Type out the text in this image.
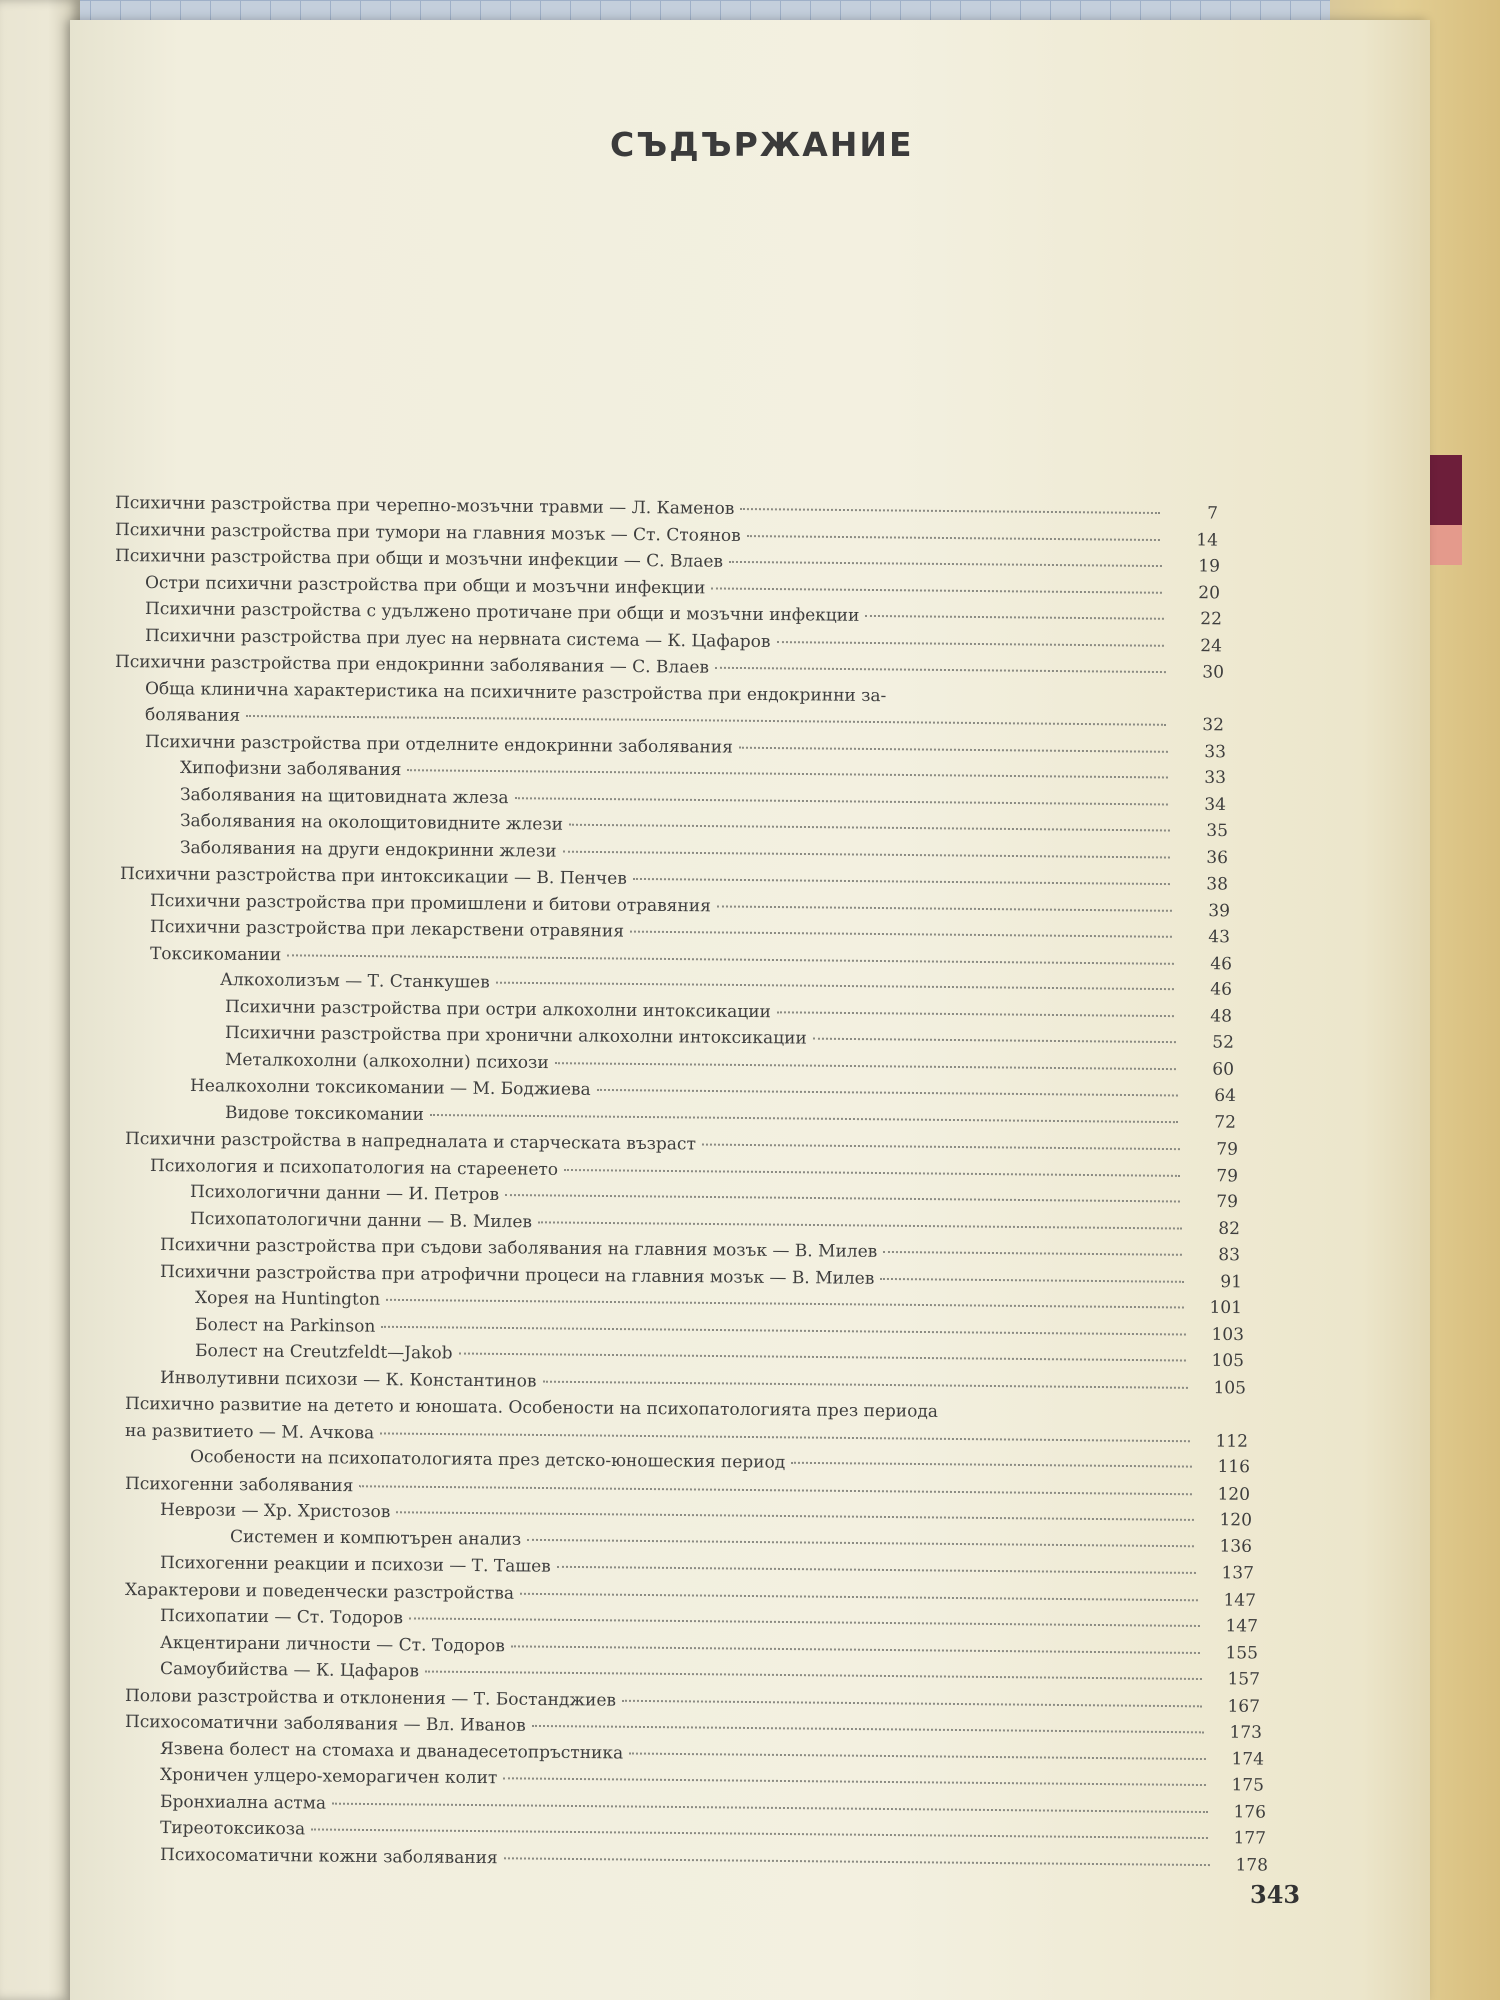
СЪДЪРЖАНИЕ
Психични разстройства при черепно-мозъчни травми — Л. Каменов	7
Психични разстройства при тумори на главния мозък — Ст. Стоянов	14
Психични разстройства при общи и мозъчни инфекции — С. Влаев	19
Остри психични разстройства при общи и мозъчни инфекции	20
Психични разстройства с удължено протичане при общи и мозъчни инфекции	22
Психични разстройства при луес на нервната система — К. Цафаров	24
Психични разстройства при ендокринни заболявания — С. Влаев	30
Обща клинична характеристика на психичните разстройства при ендокринни за-
болявания	32
Психични разстройства при отделните ендокринни заболявания	33
Хипофизни заболявания	33
Заболявания на щитовидната жлеза	34
Заболявания на околощитовидните жлези	35
Заболявания на други ендокринни жлези	36
Психични разстройства при интоксикации — В. Пенчев	38
Психични разстройства при промишлени и битови отравяния	39
Психични разстройства при лекарствени отравяния	43
Токсикомании	46
Алкохолизъм — Т. Станкушев	46
Психични разстройства при остри алкохолни интоксикации	48
Психични разстройства при хронични алкохолни интоксикации	52
Металкохолни (алкохолни) психози	60
Неалкохолни токсикомании — М. Боджиева	64
Видове токсикомании	72
Психични разстройства в напредналата и старческата възраст	79
Психология и психопатология на стареенето	79
Психологични данни — И. Петров	79
Психопатологични данни — В. Милев	82
Психични разстройства при съдови заболявания на главния мозък — В. Милев	83
Психични разстройства при атрофични процеси на главния мозък — В. Милев	91
Хорея на Huntington	101
Болест на Parkinson	103
Болест на Creutzfeldt—Jakob	105
Инволутивни психози — К. Константинов	105
Психично развитие на детето и юношата. Особености на психопатологията през периода
на развитието — М. Ачкова	112
Особености на психопатологията през детско-юношеския период	116
Психогенни заболявания	120
Неврози — Хр. Христозов	120
Системен и компютърен анализ	136
Психогенни реакции и психози — Т. Ташев	137
Характерови и поведенчески разстройства	147
Психопатии — Ст. Тодоров	147
Акцентирани личности — Ст. Тодоров	155
Самоубийства — К. Цафаров	157
Полови разстройства и отклонения — Т. Бостанджиев	167
Психосоматични заболявания — Вл. Иванов	173
Язвена болест на стомаха и дванадесетопръстника	174
Хроничен улцеро-хеморагичен колит	175
Бронхиална астма	176
Тиреотоксикоза	177
Психосоматични кожни заболявания	178
343
